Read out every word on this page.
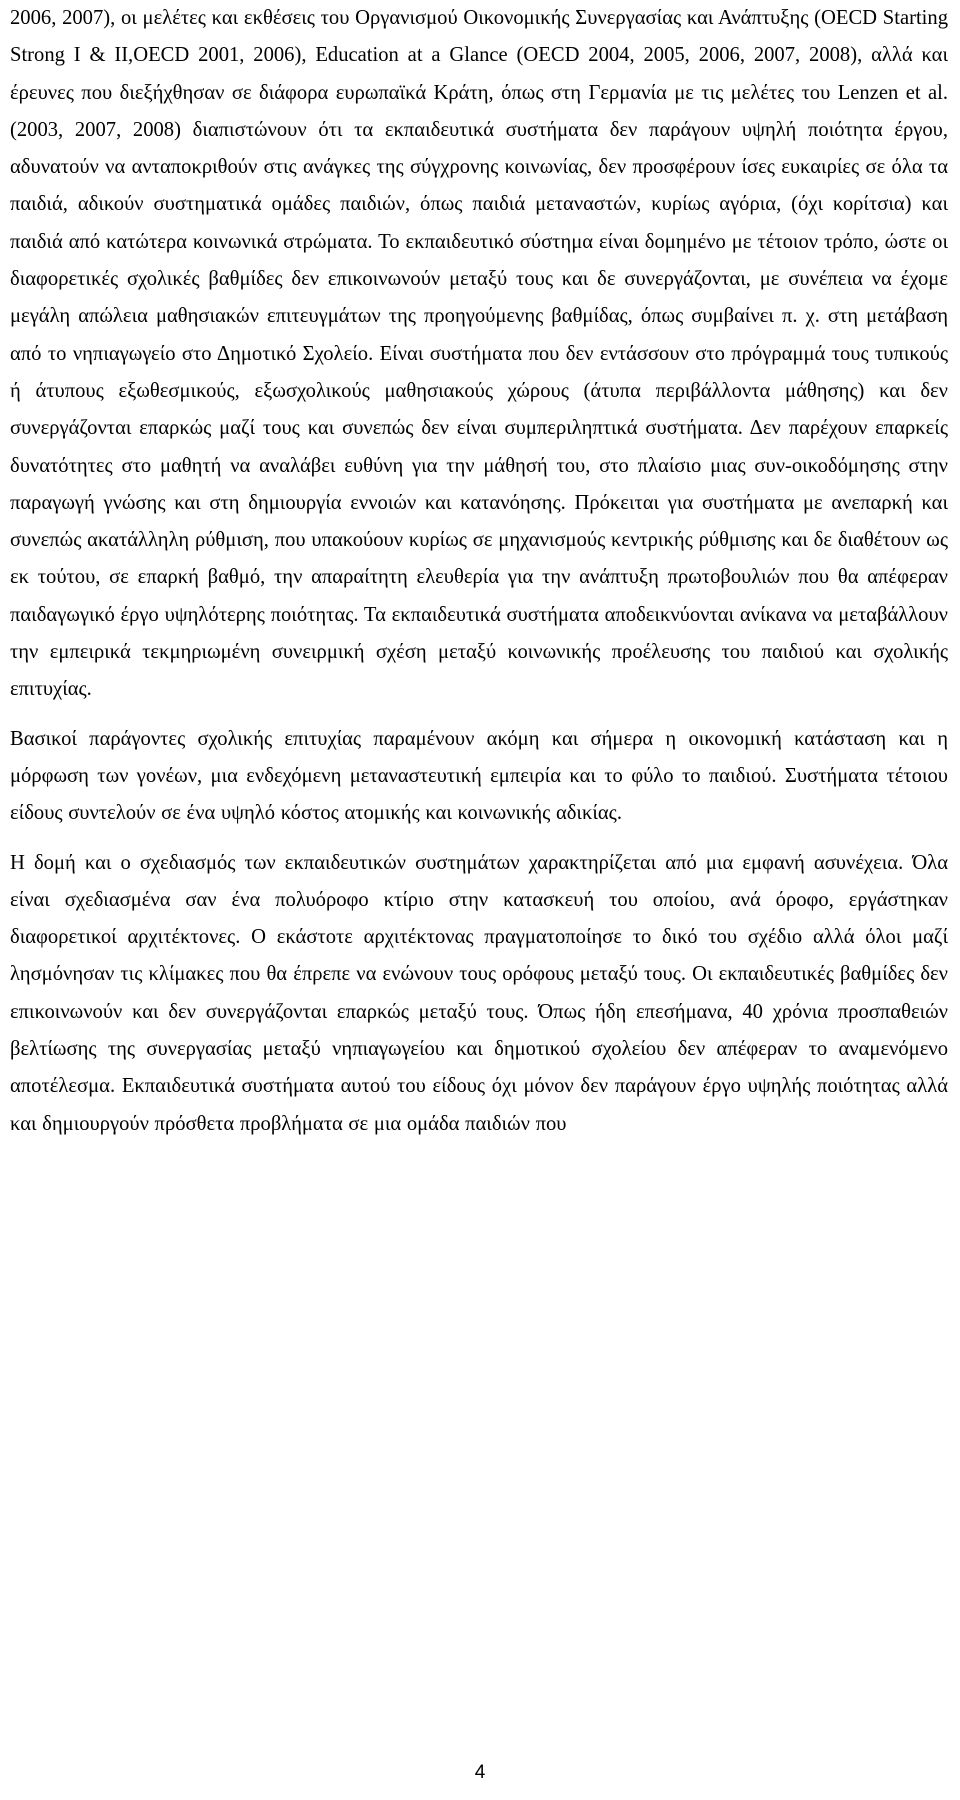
2006, 2007), οι μελέτες και εκθέσεις του Οργανισμού Οικονομικής Συνεργασίας και Ανάπτυξης (OECD Starting Strong I & II,OECD 2001, 2006), Education at a Glance (OECD 2004, 2005, 2006, 2007, 2008), αλλά και έρευνες που διεξήχθησαν σε διάφορα ευρωπαϊκά Κράτη, όπως στη Γερμανία με τις μελέτες του Lenzen et al. (2003, 2007, 2008) διαπιστώνουν ότι τα εκπαιδευτικά συστήματα δεν παράγουν υψηλή ποιότητα έργου, αδυνατούν να ανταποκριθούν στις ανάγκες της σύγχρονης κοινωνίας, δεν προσφέρουν ίσες ευκαιρίες σε όλα τα παιδιά, αδικούν συστηματικά ομάδες παιδιών, όπως παιδιά μεταναστών, κυρίως αγόρια, (όχι κορίτσια) και παιδιά από κατώτερα κοινωνικά στρώματα. Το εκπαιδευτικό σύστημα είναι δομημένο με τέτοιον τρόπο, ώστε οι διαφορετικές σχολικές βαθμίδες δεν επικοινωνούν μεταξύ τους και δε συνεργάζονται, με συνέπεια να έχομε μεγάλη απώλεια μαθησιακών επιτευγμάτων της προηγούμενης βαθμίδας, όπως συμβαίνει π. χ. στη μετάβαση από το νηπιαγωγείο στο Δημοτικό Σχολείο. Είναι συστήματα που δεν εντάσσουν στο πρόγραμμά τους τυπικούς ή άτυπους εξωθεσμικούς, εξωσχολικούς μαθησιακούς χώρους (άτυπα περιβάλλοντα μάθησης) και δεν συνεργάζονται επαρκώς μαζί τους και συνεπώς δεν είναι συμπεριληπτικά συστήματα. Δεν παρέχουν επαρκείς δυνατότητες στο μαθητή να αναλάβει ευθύνη για την μάθησή του, στο πλαίσιο μιας συν-οικοδόμησης στην παραγωγή γνώσης και στη δημιουργία εννοιών και κατανόησης. Πρόκειται για συστήματα με ανεπαρκή και συνεπώς ακατάλληλη ρύθμιση, που υπακούουν κυρίως σε μηχανισμούς κεντρικής ρύθμισης και δε διαθέτουν ως εκ τούτου, σε επαρκή βαθμό, την απαραίτητη ελευθερία για την ανάπτυξη πρωτοβουλιών που θα απέφεραν παιδαγωγικό έργο υψηλότερης ποιότητας. Τα εκπαιδευτικά συστήματα αποδεικνύονται ανίκανα να μεταβάλλουν την εμπειρικά τεκμηριωμένη συνειρμική σχέση μεταξύ κοινωνικής προέλευσης του παιδιού και σχολικής επιτυχίας.

Βασικοί παράγοντες σχολικής επιτυχίας παραμένουν ακόμη και σήμερα η οικονομική κατάσταση και η μόρφωση των γονέων, μια ενδεχόμενη μεταναστευτική εμπειρία και το φύλο το παιδιού. Συστήματα τέτοιου είδους συντελούν σε ένα υψηλό κόστος ατομικής και κοινωνικής αδικίας.

Η δομή και ο σχεδιασμός των εκπαιδευτικών συστημάτων χαρακτηρίζεται από μια εμφανή ασυνέχεια. Όλα είναι σχεδιασμένα σαν ένα πολυόροφο κτίριο στην κατασκευή του οποίου, ανά όροφο, εργάστηκαν διαφορετικοί αρχιτέκτονες. Ο εκάστοτε αρχιτέκτονας πραγματοποίησε το δικό του σχέδιο αλλά όλοι μαζί λησμόνησαν τις κλίμακες που θα έπρεπε να ενώνουν τους ορόφους μεταξύ τους. Οι εκπαιδευτικές βαθμίδες δεν επικοινωνούν και δεν συνεργάζονται επαρκώς μεταξύ τους. Όπως ήδη επεσήμανα, 40 χρόνια προσπαθειών βελτίωσης της συνεργασίας μεταξύ νηπιαγωγείου και δημοτικού σχολείου δεν απέφεραν το αναμενόμενο αποτέλεσμα. Εκπαιδευτικά συστήματα αυτού του είδους όχι μόνον δεν παράγουν έργο υψηλής ποιότητας αλλά και δημιουργούν πρόσθετα προβλήματα σε μια ομάδα παιδιών που

4
